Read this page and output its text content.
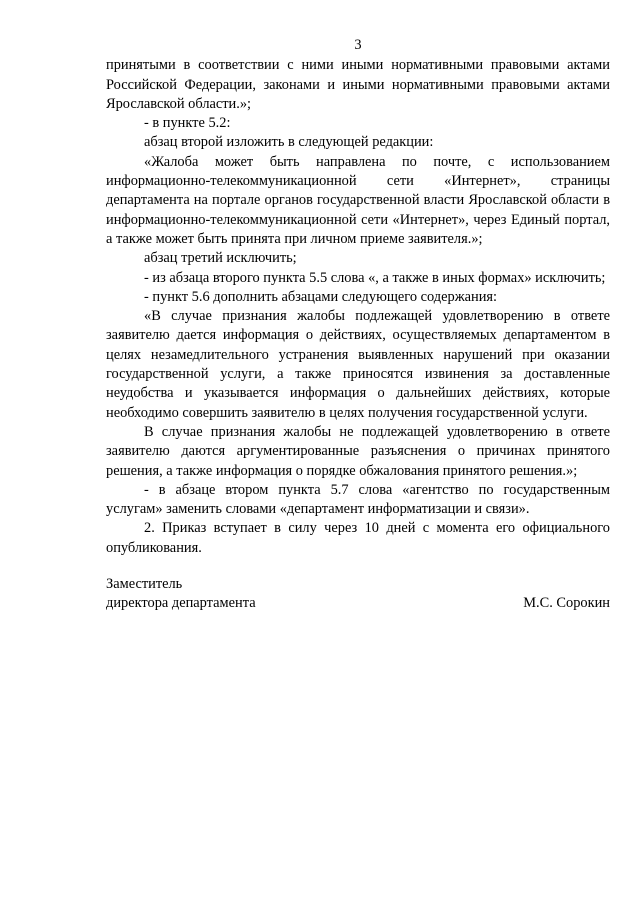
3

принятыми в соответствии с ними иными нормативными правовыми актами Российской Федерации, законами и иными нормативными правовыми актами Ярославской области.»;

- в пункте 5.2:

абзац второй изложить в следующей редакции:

«Жалоба может быть направлена по почте, с использованием информационно-телекоммуникационной сети «Интернет», страницы департамента на портале органов государственной власти Ярославской области в информационно-телекоммуникационной сети «Интернет», через Единый портал, а также может быть принята при личном приеме заявителя.»;

абзац третий исключить;

- из абзаца второго пункта 5.5 слова «, а также в иных формах» исключить;

- пункт 5.6 дополнить абзацами следующего содержания:

«В случае признания жалобы подлежащей удовлетворению в ответе заявителю дается информация о действиях, осуществляемых департаментом в целях незамедлительного устранения выявленных нарушений при оказании государственной услуги, а также приносятся извинения за доставленные неудобства и указывается информация о дальнейших действиях, которые необходимо совершить заявителю в целях получения государственной услуги.

В случае признания жалобы не подлежащей удовлетворению в ответе заявителю даются аргументированные разъяснения о причинах принятого решения, а также информация о порядке обжалования принятого решения.»;

- в абзаце втором пункта 5.7 слова «агентство по государственным услугам» заменить словами «департамент информатизации и связи».

2. Приказ вступает в силу через 10 дней с момента его официального опубликования.

Заместитель
директора департамента	М.С. Сорокин
